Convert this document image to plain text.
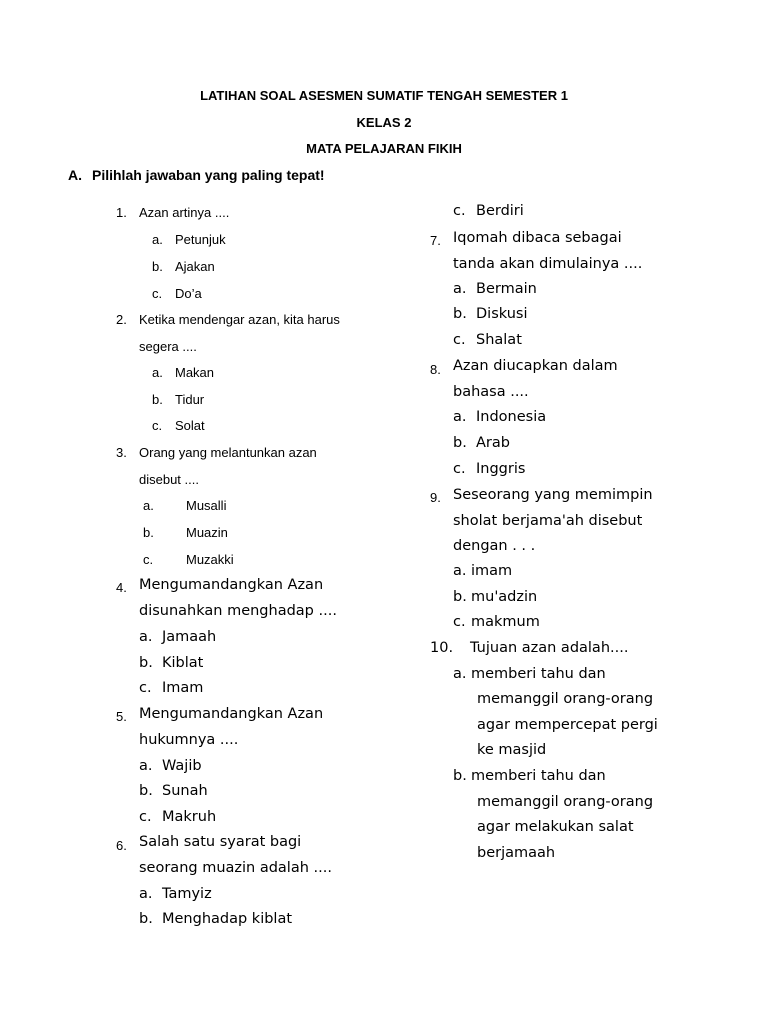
LATIHAN SOAL ASESMEN SUMATIF TENGAH SEMESTER 1
KELAS 2
MATA PELAJARAN FIKIH
A. Pilihlah jawaban yang paling tepat!
1. Azan artinya ....
a. Petunjuk
b. Ajakan
c. Do’a
2. Ketika mendengar azan, kita harus
segera ....
a. Makan
b. Tidur
c. Solat
3. Orang yang melantunkan azan
disebut ....
a. Musalli
b. Muazin
c.	Muzakki
4. Mengumandangkan Azan
disunahkan menghadap ....
a. Jamaah
b. Kiblat
c. Imam
5. Mengumandangkan Azan
hukumnya ....
a. Wajib
b. Sunah
c. Makruh
6. Salah satu syarat bagi
seorang muazin adalah ....
a. Tamyiz
b. Menghadap kiblat
c. Berdiri
7. Iqomah dibaca sebagai
tanda akan dimulainya ....
a. Bermain
b. Diskusi
c. Shalat
8. Azan diucapkan dalam
bahasa ....
a. Indonesia
b. Arab
c. Inggris
9. Seseorang yang memimpin
sholat berjama'ah disebut
dengan . . .
a. imam
b. mu'adzin
c. makmum
10. Tujuan azan adalah....
a. memberi tahu dan
memanggil orang-orang
agar mempercepat pergi
ke masjid
b. memberi tahu dan
memanggil orang-orang
agar melakukan salat
berjamaah
